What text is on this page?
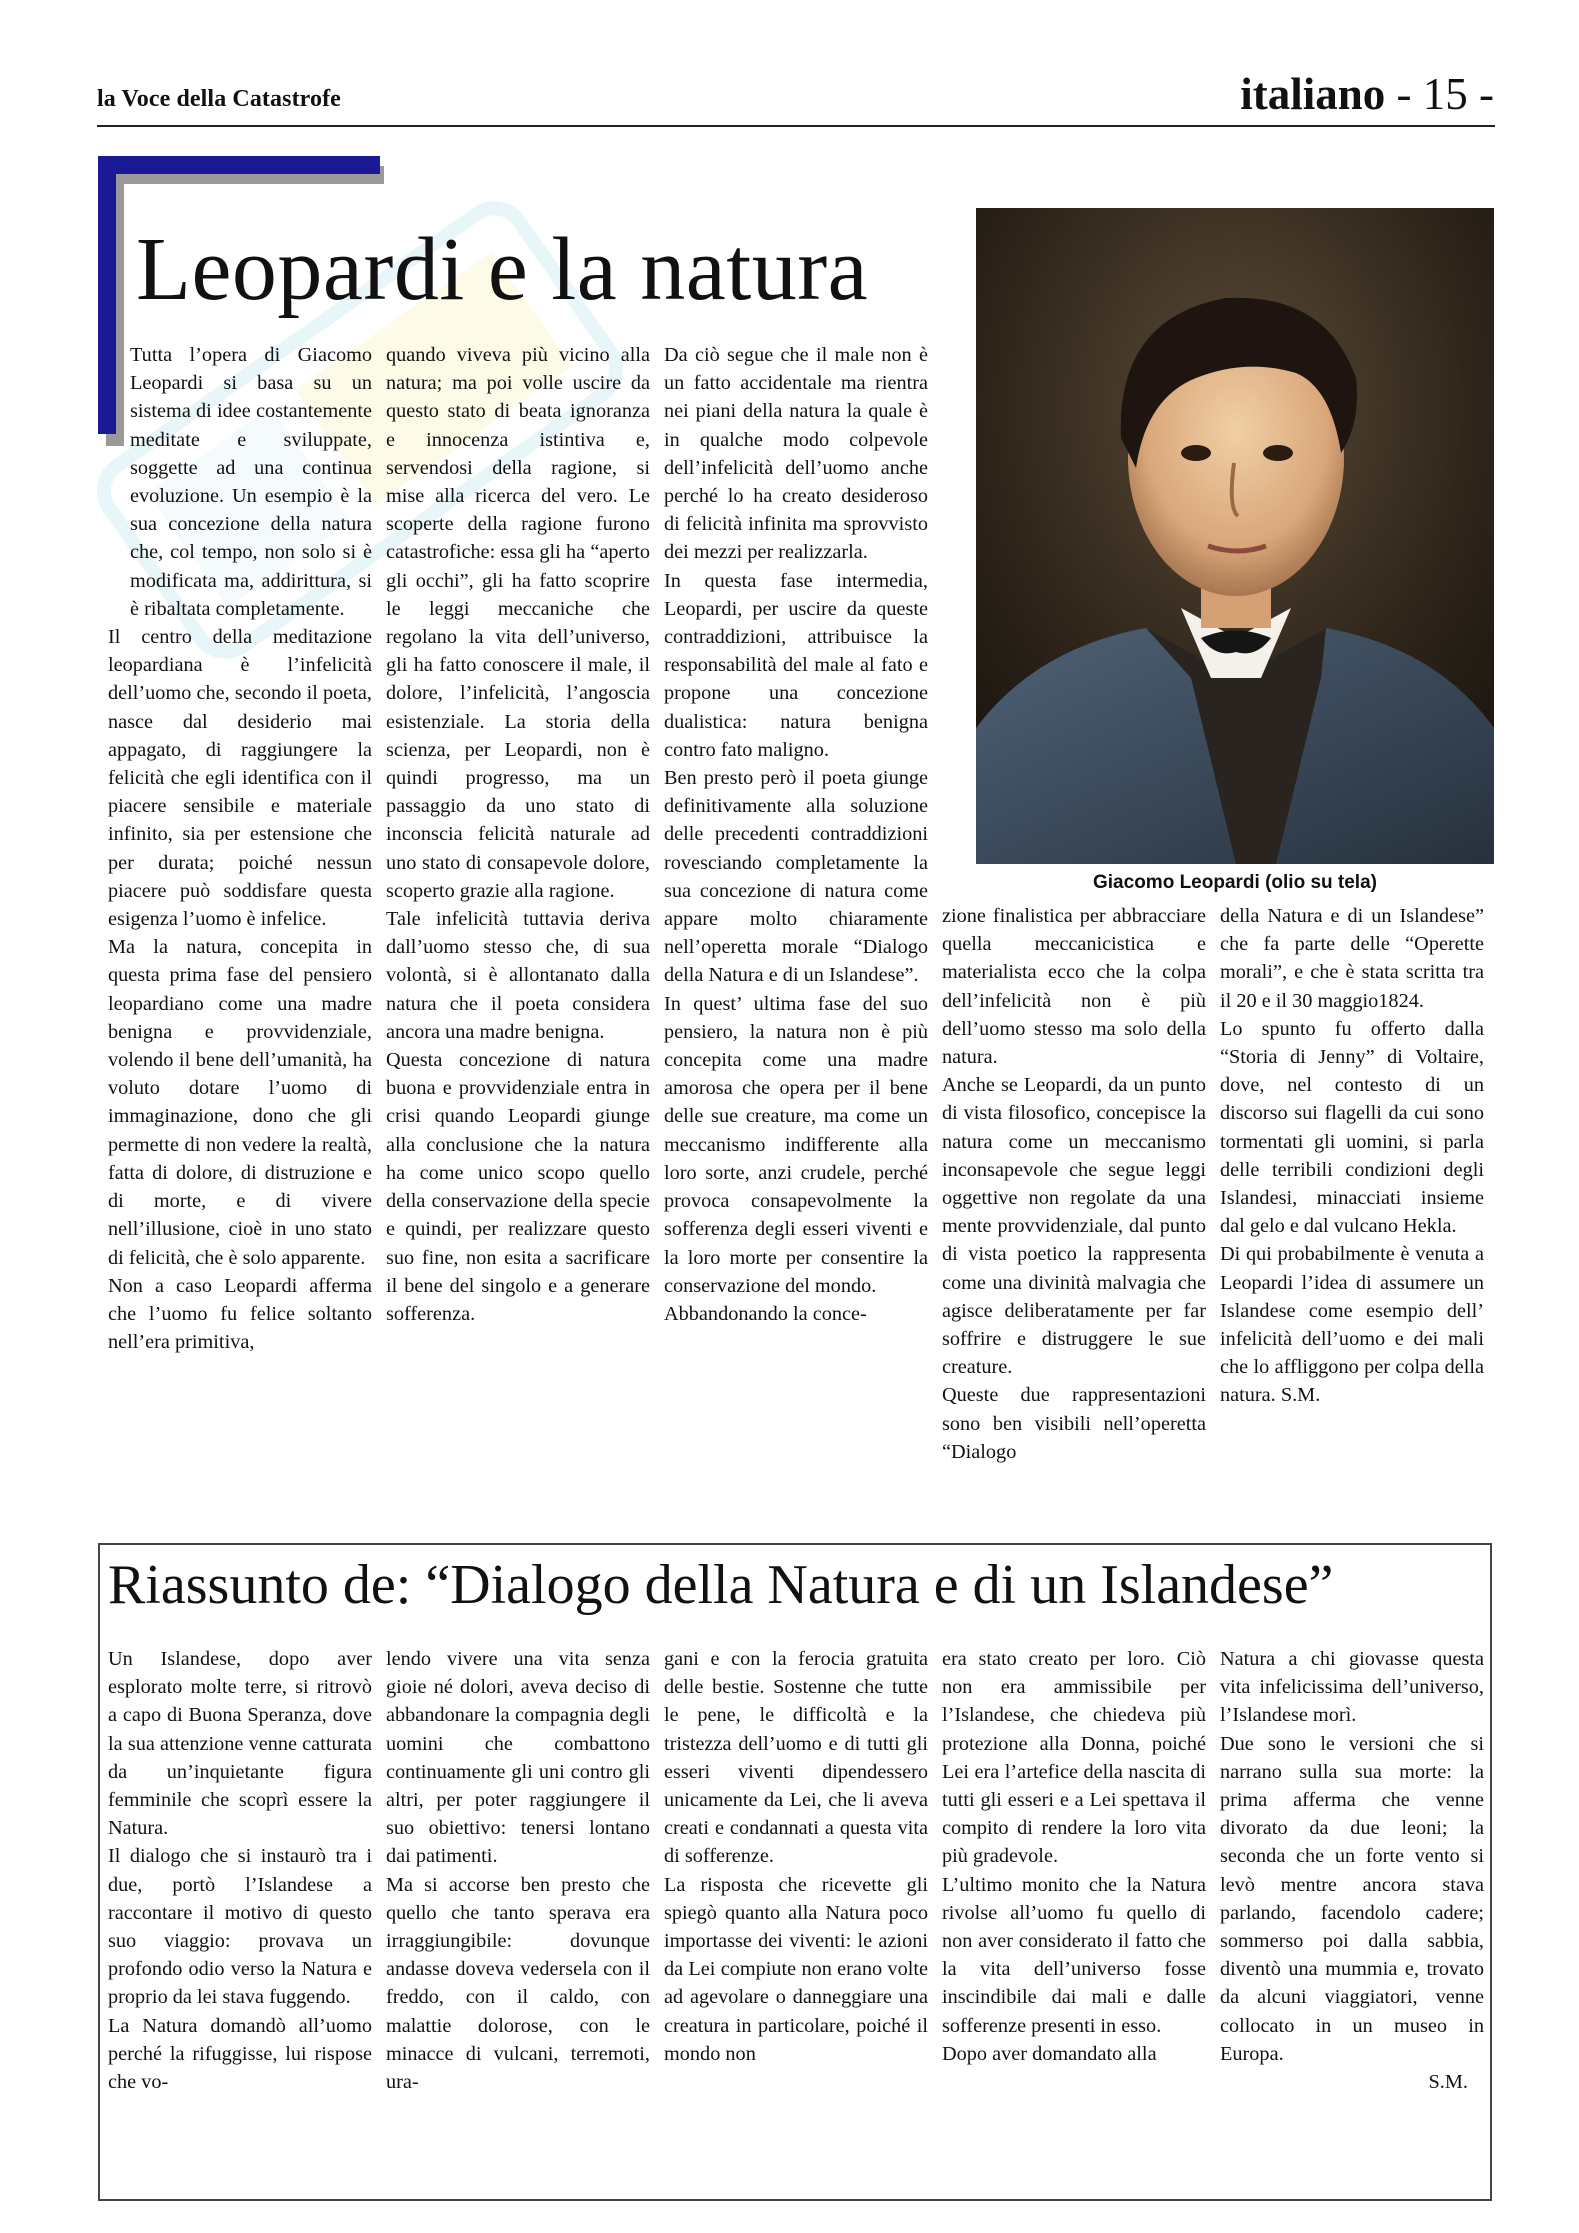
la Voce della Catastrofe	italiano - 15 -
Leopardi e la natura
Giacomo Leopardi (olio su tela)

Tutta l’opera di Giacomo Leopardi si basa su un sistema di idee costantemente meditate e sviluppate, soggette ad una continua evoluzione. Un esempio è la sua concezione della natura che, col tempo, non solo si è modificata ma, addirittura, si è ribaltata completamente.

Il centro della meditazione leopardiana è l’infelicità dell’uomo che, secondo il poeta, nasce dal desiderio mai appagato, di raggiungere la felicità che egli identifica con il piacere sensibile e materiale infinito, sia per estensione che per durata; poiché nessun piacere può soddisfare questa esigenza l’uomo è infelice.

Ma la natura, concepita in questa prima fase del pensiero leopardiano come una madre benigna e provvidenziale, volendo il bene dell’umanità, ha voluto dotare l’uomo di immaginazione, dono che gli permette di non vedere la realtà, fatta di dolore, di distruzione e di morte, e di vivere nell’illusione, cioè in uno stato di felicità, che è solo apparente.

Non a caso Leopardi afferma che l’uomo fu felice soltanto nell’era primitiva,

quando viveva più vicino alla natura; ma poi volle uscire da questo stato di beata ignoranza e innocenza istintiva e, servendosi della ragione, si mise alla ricerca del vero. Le scoperte della ragione furono catastrofiche: essa gli ha “aperto gli occhi”, gli ha fatto scoprire le leggi meccaniche che regolano la vita dell’universo, gli ha fatto conoscere il male, il dolore, l’infelicità, l’angoscia esistenziale. La storia della scienza, per Leopardi, non è quindi progresso, ma un passaggio da uno stato di inconscia felicità naturale ad uno stato di consapevole dolore, scoperto grazie alla ragione.

Tale infelicità tuttavia deriva dall’uomo stesso che, di sua volontà, si è allontanato dalla natura che il poeta considera ancora una madre benigna.

Questa concezione di natura buona e provvidenziale entra in crisi quando Leopardi giunge alla conclusione che la natura ha come unico scopo quello della conservazione della specie e quindi, per realizzare questo suo fine, non esita a sacrificare il bene del singolo e a generare sofferenza.

Da ciò segue che il male non è un fatto accidentale ma rientra nei piani della natura la quale è in qualche modo colpevole dell’infelicità dell’uomo anche perché lo ha creato desideroso di felicità infinita ma sprovvisto dei mezzi per realizzarla.

In questa fase intermedia, Leopardi, per uscire da queste contraddizioni, attribuisce la responsabilità del male al fato e propone una concezione dualistica: natura benigna contro fato maligno.

Ben presto però il poeta giunge definitivamente alla soluzione delle precedenti contraddizioni rovesciando completamente la sua concezione di natura come appare molto chiaramente nell’operetta morale “Dialogo della Natura e di un Islandese”.

In quest’ ultima fase del suo pensiero, la natura non è più concepita come una madre amorosa che opera per il bene delle sue creature, ma come un meccanismo indifferente alla loro sorte, anzi crudele, perché provoca consapevolmente la sofferenza degli esseri viventi e la loro morte per consentire la conservazione del mondo.

Abbandonando la conce-

zione finalistica per abbracciare quella meccanicistica e materialista ecco che la colpa dell’infelicità non è più dell’uomo stesso ma solo della natura.

Anche se Leopardi, da un punto di vista filosofico, concepisce la natura come un meccanismo inconsapevole che segue leggi oggettive non regolate da una mente provvidenziale, dal punto di vista poetico la rappresenta come una divinità malvagia che agisce deliberatamente per far soffrire e distruggere le sue creature.

Queste due rappresentazioni sono ben visibili nell’operetta “Dialogo

della Natura e di un Islandese” che fa parte delle “Operette morali”, e che è stata scritta tra il 20 e il 30 maggio1824.

Lo spunto fu offerto dalla “Storia di Jenny” di Voltaire, dove, nel contesto di un discorso sui flagelli da cui sono tormentati gli uomini, si parla delle terribili condizioni degli Islandesi, minacciati insieme dal gelo e dal vulcano Hekla.

Di qui probabilmente è venuta a Leopardi l’idea di assumere un Islandese come esempio dell’ infelicità dell’uomo e dei mali che lo affliggono per colpa della natura. S.M.

Riassunto de: “Dialogo della Natura e di un Islandese”

Un Islandese, dopo aver esplorato molte terre, si ritrovò a capo di Buona Speranza, dove la sua attenzione venne catturata da un’inquietante figura femminile che scoprì essere la Natura.

Il dialogo che si instaurò tra i due, portò l’Islandese a raccontare il motivo di questo suo viaggio: provava un profondo odio verso la Natura e proprio da lei stava fuggendo.

La Natura domandò all’uomo perché la rifuggisse, lui rispose che vo-

lendo vivere una vita senza gioie né dolori, aveva deciso di abbandonare la compagnia degli uomini che combattono continuamente gli uni contro gli altri, per poter raggiungere il suo obiettivo: tenersi lontano dai patimenti.

Ma si accorse ben presto che quello che tanto sperava era irraggiungibile: dovunque andasse doveva vedersela con il freddo, con il caldo, con malattie dolorose, con le minacce di vulcani, terremoti, ura-

gani e con la ferocia gratuita delle bestie. Sostenne che tutte le pene, le difficoltà e la tristezza dell’uomo e di tutti gli esseri viventi dipendessero unicamente da Lei, che li aveva creati e condannati a questa vita di sofferenze.

La risposta che ricevette gli spiegò quanto alla Natura poco importasse dei viventi: le azioni da Lei compiute non erano volte ad agevolare o danneggiare una creatura in particolare, poiché il mondo non

era stato creato per loro. Ciò non era ammissibile per l’Islandese, che chiedeva più protezione alla Donna, poiché Lei era l’artefice della nascita di tutti gli esseri e a Lei spettava il compito di rendere la loro vita più gradevole.

L’ultimo monito che la Natura rivolse all’uomo fu quello di non aver considerato il fatto che la vita dell’universo fosse inscindibile dai mali e dalle sofferenze presenti in esso.

Dopo aver domandato alla

Natura a chi giovasse questa vita infelicissima dell’universo, l’Islandese morì.

Due sono le versioni che si narrano sulla sua morte: la prima afferma che venne divorato da due leoni; la seconda che un forte vento si levò mentre ancora stava parlando, facendolo cadere; sommerso poi dalla sabbia, diventò una mummia e, trovato da alcuni viaggiatori, venne collocato in un museo in Europa.

S.M.
